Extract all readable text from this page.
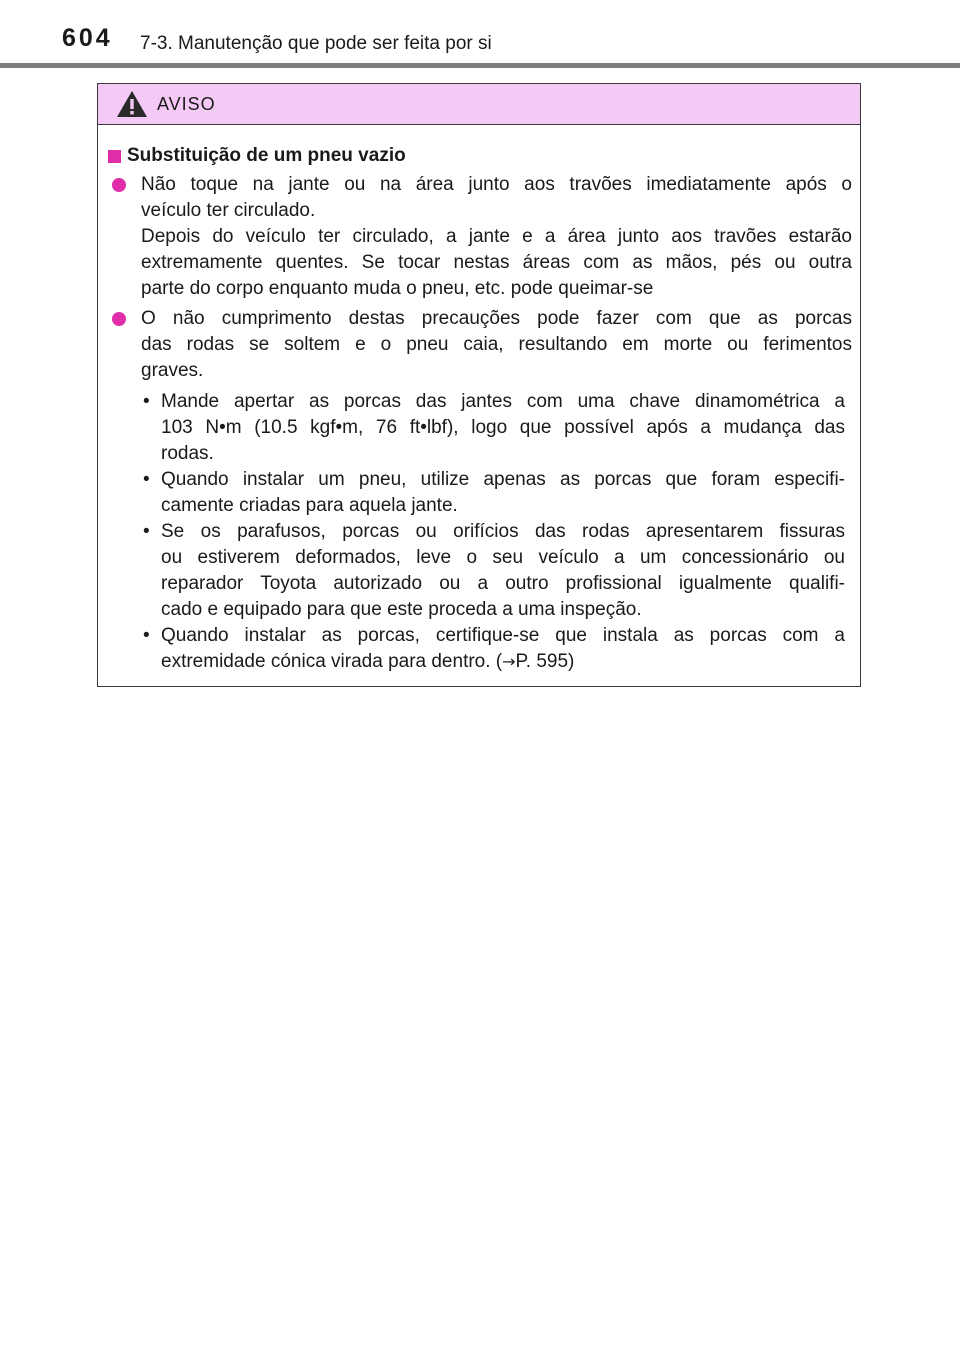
604 7-3. Manutenção que pode ser feita por si
AVISO
Substituição de um pneu vazio
Não toque na jante ou na área junto aos travões imediatamente após o
veículo ter circulado.
Depois do veículo ter circulado, a jante e a área junto aos travões estarão
extremamente quentes. Se tocar nestas áreas com as mãos, pés ou outra
parte do corpo enquanto muda o pneu, etc. pode queimar-se
O não cumprimento destas precauções pode fazer com que as porcas
das rodas se soltem e o pneu caia, resultando em morte ou ferimentos
graves.
• Mande apertar as porcas das jantes com uma chave dinamométrica a
103 N•m (10.5 kgf•m, 76 ft•lbf), logo que possível após a mudança das
rodas.
• Quando instalar um pneu, utilize apenas as porcas que foram especifi-
camente criadas para aquela jante.
• Se os parafusos, porcas ou orifícios das rodas apresentarem fissuras
ou estiverem deformados, leve o seu veículo a um concessionário ou
reparador Toyota autorizado ou a outro profissional igualmente qualifi-
cado e equipado para que este proceda a uma inspeção.
• Quando instalar as porcas, certifique-se que instala as porcas com a
extremidade cónica virada para dentro. (→P. 595)
